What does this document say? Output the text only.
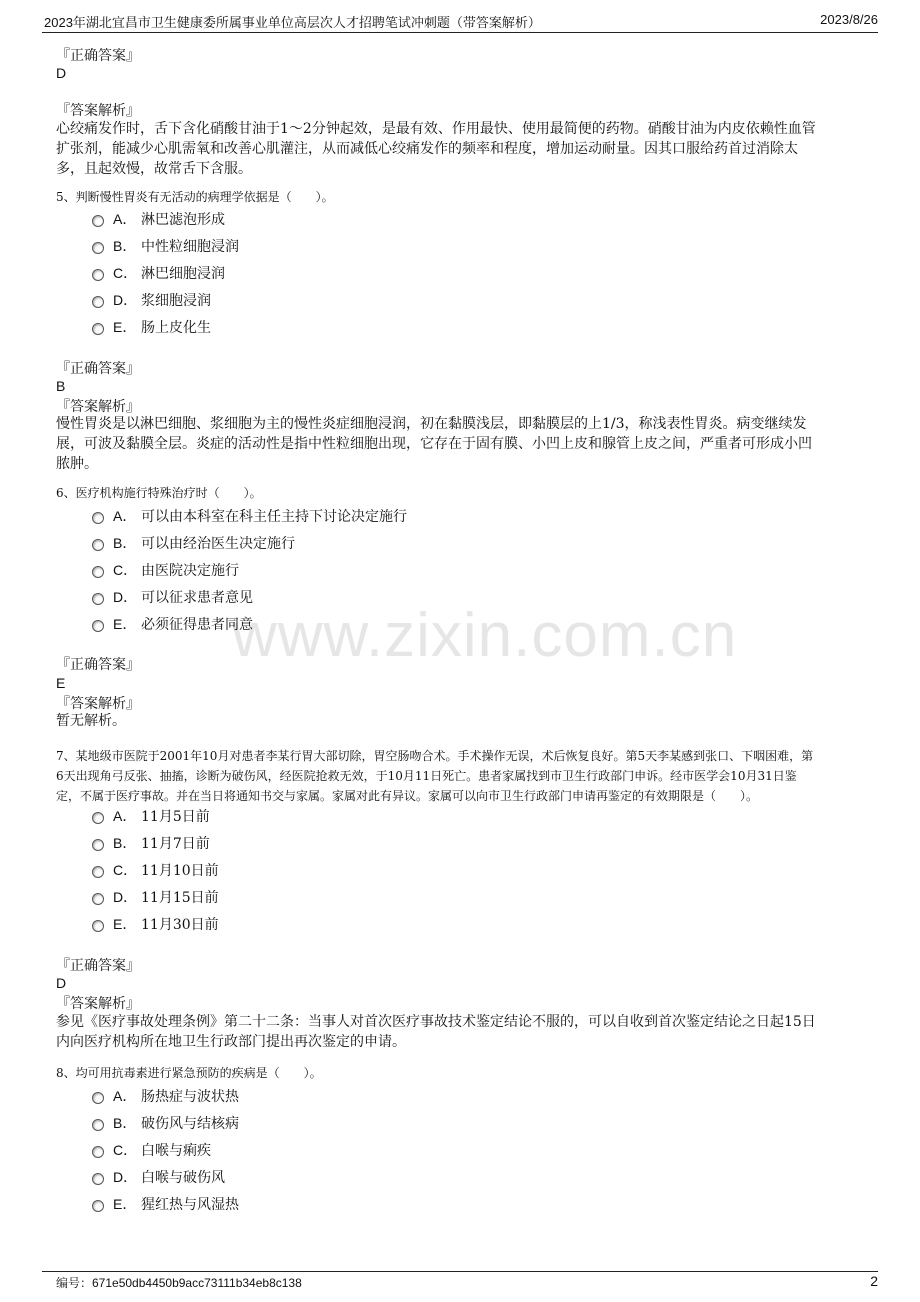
2023年湖北宜昌市卫生健康委所属事业单位高层次人才招聘笔试冲刺题（带答案解析）	2023/8/26
www.zixin.com.cn
『正确答案』
D
『答案解析』
心绞痛发作时，舌下含化硝酸甘油于1～2分钟起效，是最有效、作用最快、使用最简便的药物。硝酸甘油为内皮依赖性血管
扩张剂，能减少心肌需氧和改善心肌灌注，从而减低心绞痛发作的频率和程度，增加运动耐量。因其口服给药首过消除太
多，且起效慢，故常舌下含服。
5、判断慢性胃炎有无活动的病理学依据是（　　）。
A． 淋巴滤泡形成
B． 中性粒细胞浸润
C． 淋巴细胞浸润
D． 浆细胞浸润
E． 肠上皮化生
『正确答案』
B
『答案解析』
慢性胃炎是以淋巴细胞、浆细胞为主的慢性炎症细胞浸润，初在黏膜浅层，即黏膜层的上1/3，称浅表性胃炎。病变继续发
展，可波及黏膜全层。炎症的活动性是指中性粒细胞出现，它存在于固有膜、小凹上皮和腺管上皮之间，严重者可形成小凹
脓肿。
6、医疗机构施行特殊治疗时（　　）。
A． 可以由本科室在科主任主持下讨论决定施行
B． 可以由经治医生决定施行
C． 由医院决定施行
D． 可以征求患者意见
E． 必须征得患者同意
『正确答案』
E
『答案解析』
暂无解析。
7、某地级市医院于2001年10月对患者李某行胃大部切除，胃空肠吻合术。手术操作无误，术后恢复良好。第5天李某感到张口、下咽困难，第
6天出现角弓反张、抽搐，诊断为破伤风，经医院抢救无效，于10月11日死亡。患者家属找到市卫生行政部门申诉。经市医学会10月31日鉴
定，不属于医疗事故。并在当日将通知书交与家属。家属对此有异议。家属可以向市卫生行政部门申请再鉴定的有效期限是（　　）。
A． 11月5日前
B． 11月7日前
C． 11月10日前
D． 11月15日前
E． 11月30日前
『正确答案』
D
『答案解析』
参见《医疗事故处理条例》第二十二条：当事人对首次医疗事故技术鉴定结论不服的，可以自收到首次鉴定结论之日起15日
内向医疗机构所在地卫生行政部门提出再次鉴定的申请。
8、均可用抗毒素进行紧急预防的疾病是（　　）。
A． 肠热症与波状热
B． 破伤风与结核病
C． 白喉与痢疾
D． 白喉与破伤风
E． 猩红热与风湿热
编号：671e50db4450b9acc73111b34eb8c138	2
